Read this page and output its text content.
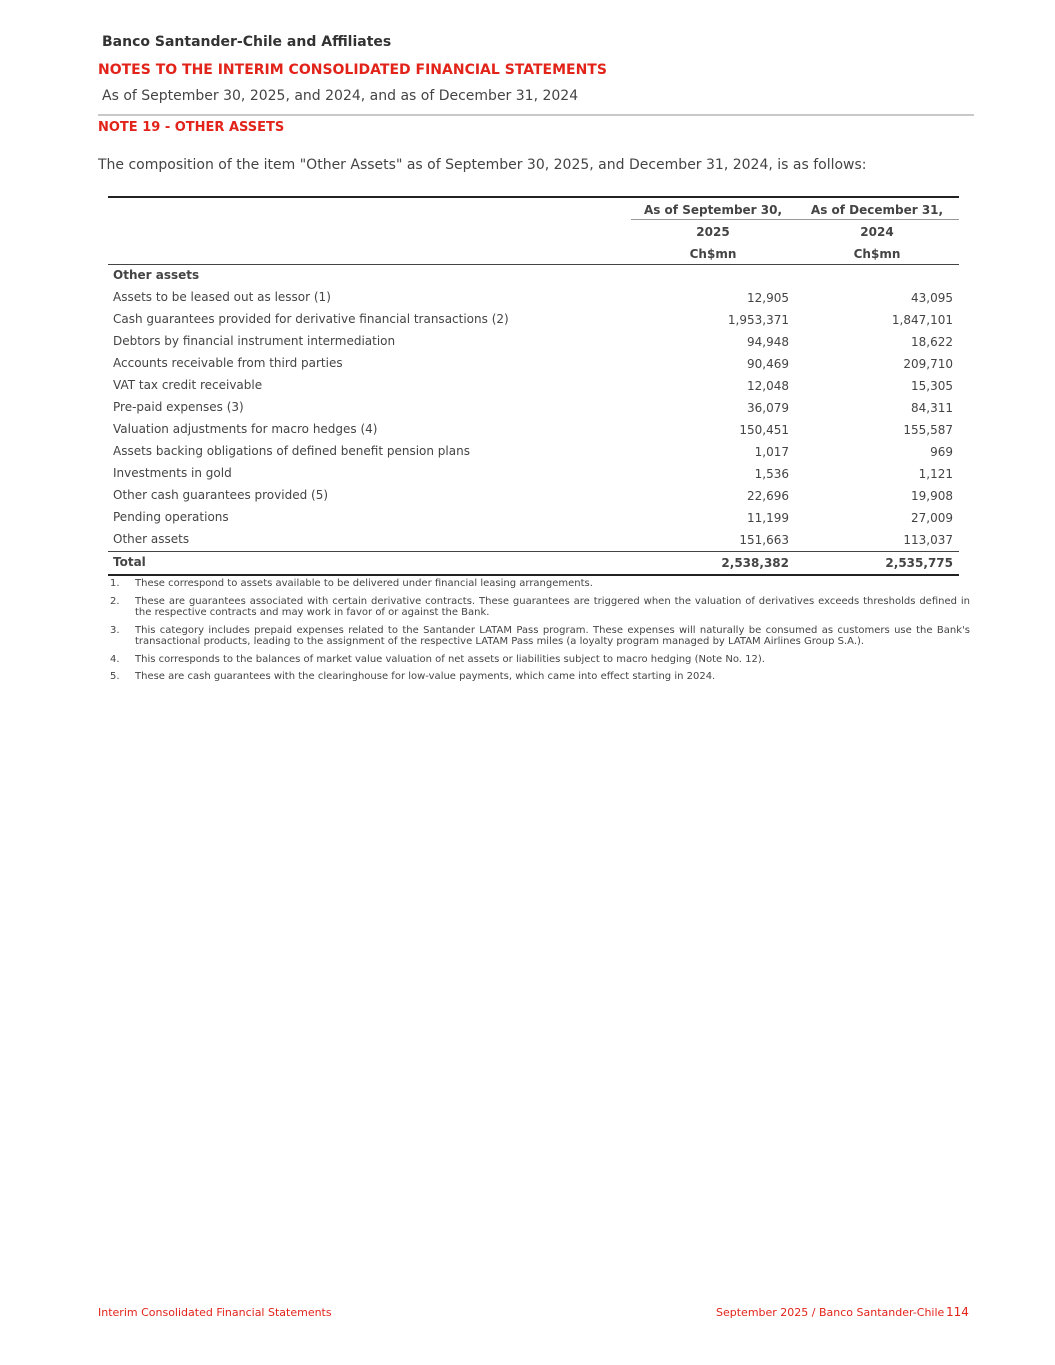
Banco Santander-Chile and Affiliates
NOTES TO THE INTERIM CONSOLIDATED FINANCIAL STATEMENTS
As of September 30, 2025, and 2024, and as of December 31, 2024
NOTE 19 - OTHER ASSETS
The composition of the item "Other Assets" as of September 30, 2025, and December 31, 2024, is as follows:
As of September 30,	As of December 31,
2025	2024
Ch$mn	Ch$mn
Other assets
Assets to be leased out as lessor (1)	12,905	43,095
Cash guarantees provided for derivative financial transactions (2)	1,953,371	1,847,101
Debtors by financial instrument intermediation	94,948	18,622
Accounts receivable from third parties	90,469	209,710
VAT tax credit receivable	12,048	15,305
Pre-paid expenses (3)	36,079	84,311
Valuation adjustments for macro hedges (4)	150,451	155,587
Assets backing obligations of defined benefit pension plans	1,017	969
Investments in gold	1,536	1,121
Other cash guarantees provided (5)	22,696	19,908
Pending operations	11,199	27,009
Other assets	151,663	113,037
Total	2,538,382	2,535,775
1. These correspond to assets available to be delivered under financial leasing arrangements.
2. These are guarantees associated with certain derivative contracts. These guarantees are triggered when the valuation of derivatives exceeds thresholds defined in the respective contracts and may work in favor of or against the Bank.
3. This category includes prepaid expenses related to the Santander LATAM Pass program. These expenses will naturally be consumed as customers use the Bank's transactional products, leading to the assignment of the respective LATAM Pass miles (a loyalty program managed by LATAM Airlines Group S.A.).
4. This corresponds to the balances of market value valuation of net assets or liabilities subject to macro hedging (Note No. 12).
5. These are cash guarantees with the clearinghouse for low-value payments, which came into effect starting in 2024.
Interim Consolidated Financial Statements	September 2025 / Banco Santander-Chile 114
